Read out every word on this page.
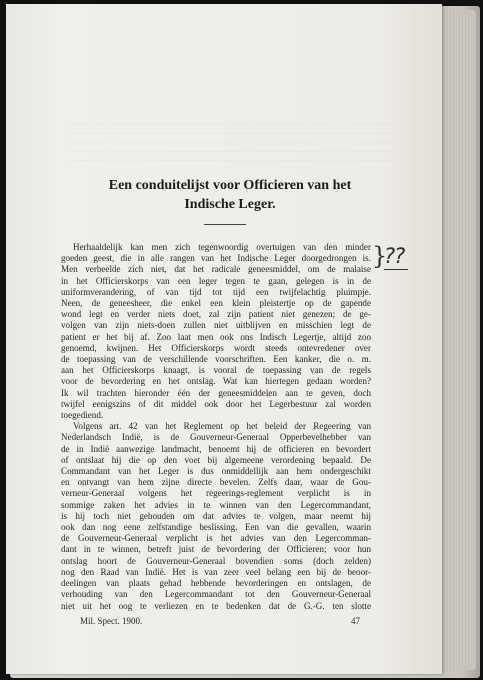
Een conduitelijst voor Officieren van het
Indische Leger.

Herhaaldelijk kan men zich tegenwoordig overtuigen van den minder
goeden geest, die in alle rangen van het Indische Leger doorgedrongen is.
Men verbeelde zich niet, dat het radicale geneesmiddel, om de malaise
in het Officierskorps van een leger tegen te gaan, gelegen is in de
uniformverandering, of van tijd tot tijd een twijfelachtig pluimpje.
Neen, de geneesheer, die enkel een klein pleistertje op de gapende
wond legt en verder niets doet, zal zijn patient niet genezen; de ge-
volgen van zijn niets-doen zullen niet uitblijven en misschien legt de
patient er het bij af. Zoo laat men ook ons Indisch Legertje, altijd zoo
genoemd, kwijnen. Het Officierskorps wordt steeds ontevredener over
de toepassing van de verschillende voorschriften. Een kanker, die o. m.
aan het Officierskorps knaagt, is vooral de toepassing van de regels
voor de bevordering en het ontslag. Wat kan hiertegen gedaan worden?
Ik wil trachten hieronder één der geneesmiddelen aan te geven, doch
twijfel eenigszins of dit middel ook door het Legerbestuur zal worden
toegediend.

Volgens art. 42 van het Reglement op het beleid der Regeering van
Nederlandsch Indië, is de Gouverneur-Generaal Opperbevelhebber van
de in Indië aanwezige landmacht, benoemt hij de officieren en bevordert
of ontslaat hij die op den voet bij algemeene verordening bepaald. De
Commandant van het Leger is dus onmiddellijk aan hem ondergeschikt
en ontvangt van hem zijne directe bevelen. Zelfs daar, waar de Gou-
verneur-Generaal volgens het regeerings-reglement verplicht is in
sommige zaken het advies in te winnen van den Legercommandant,
is hij toch niet gehouden om dat advies te volgen, maar neemt hij
ook dan nog eene zelfstandige beslissing. Een van die gevallen, waarin
de Gouverneur-Generaal verplicht is het advies van den Legercomman-
dant in te winnen, betreft juist de bevordering der Officieren; voor hun
ontslag hoort de Gouverneur-Generaal bovendien soms (doch zelden)
nog den Raad van Indië. Het is van zeer veel belang een bij de beoor-
deelingen van plaats gehad hebbende bevorderingen en ontslagen, de
verhouding van den Legercommandant tot den Gouverneur-Generaal
niet uit het oog te verliezen en te bedenken dat de G.-G. ten slotte

}
??
Mil. Spect. 1900.	47
